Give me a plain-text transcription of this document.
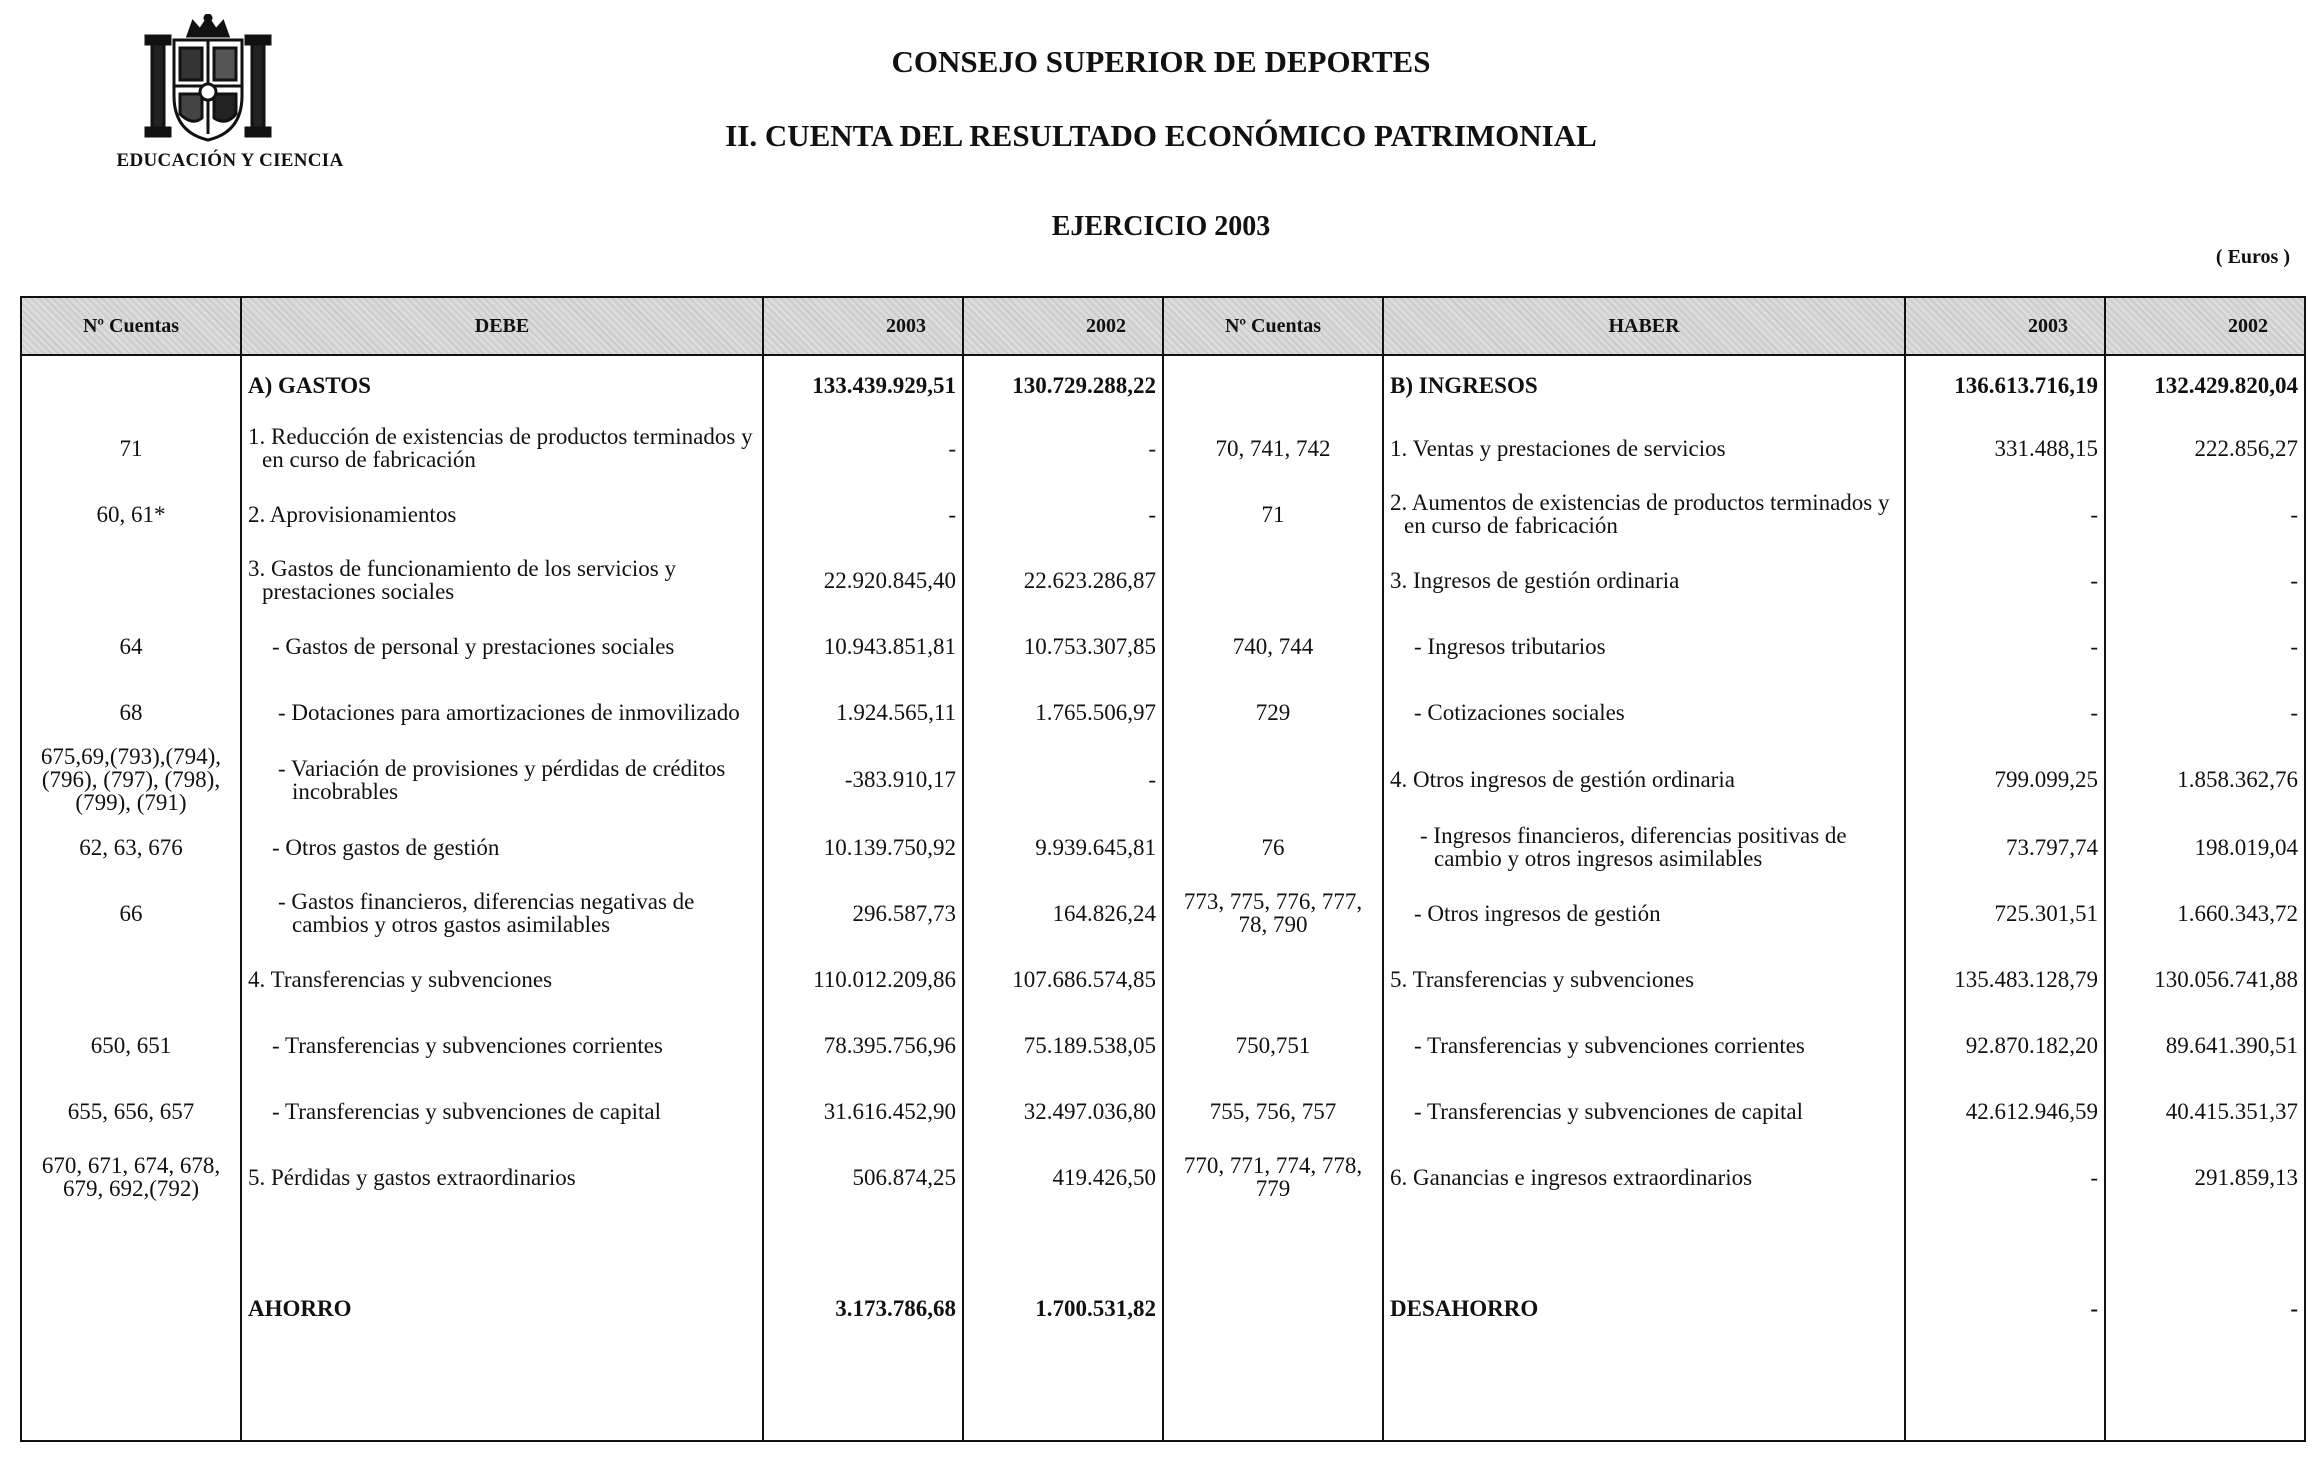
EDUCACIÓN Y CIENCIA
CONSEJO SUPERIOR DE DEPORTES
II. CUENTA DEL RESULTADO ECONÓMICO PATRIMONIAL
EJERCICIO 2003
( Euros )
Nº Cuentas	DEBE	2003	2002	Nº Cuentas	HABER	2003	2002
	A) GASTOS	133.439.929,51	130.729.288,22		B) INGRESOS	136.613.716,19	132.429.820,04
71	1. Reducción de existencias de productos terminados y en curso de fabricación	-	-	70, 741, 742	1. Ventas y prestaciones de servicios	331.488,15	222.856,27
60, 61*	2. Aprovisionamientos	-	-	71	2. Aumentos de existencias de productos terminados y en curso de fabricación	-	-

	3. Gastos de funcionamiento de los servicios y prestaciones sociales	22.920.845,40	22.623.286,87		3. Ingresos de gestión ordinaria	-	-
64	- Gastos de personal y prestaciones sociales	10.943.851,81	10.753.307,85	740, 744	- Ingresos tributarios	-	-
68	- Dotaciones para amortizaciones de inmovilizado	1.924.565,11	1.765.506,97	729	- Cotizaciones sociales	-	-
675,69,(793),(794), (796), (797), (798), (799), (791)	- Variación de provisiones y pérdidas de créditos incobrables	-383.910,17	-		4. Otros ingresos de gestión ordinaria	799.099,25	1.858.362,76
62, 63, 676	- Otros gastos de gestión	10.139.750,92	9.939.645,81	76	- Ingresos financieros, diferencias positivas de cambio y otros ingresos asimilables	73.797,74	198.019,04
66	- Gastos financieros, diferencias negativas de cambios y otros gastos asimilables	296.587,73	164.826,24	773, 775, 776, 777, 78, 790	- Otros ingresos de gestión	725.301,51	1.660.343,72
	4. Transferencias y subvenciones	110.012.209,86	107.686.574,85		5. Transferencias y subvenciones	135.483.128,79	130.056.741,88
650, 651	- Transferencias y subvenciones corrientes	78.395.756,96	75.189.538,05	750,751	- Transferencias y subvenciones corrientes	92.870.182,20	89.641.390,51
655, 656, 657	- Transferencias y subvenciones de capital	31.616.452,90	32.497.036,80	755, 756, 757	- Transferencias y subvenciones de capital	42.612.946,59	40.415.351,37
670, 671, 674, 678, 679, 692,(792)	5. Pérdidas y gastos extraordinarios	506.874,25	419.426,50	770, 771, 774, 778, 779	6. Ganancias e ingresos extraordinarios	-	291.859,13
	AHORRO	3.173.786,68	1.700.531,82		DESAHORRO	-	-
